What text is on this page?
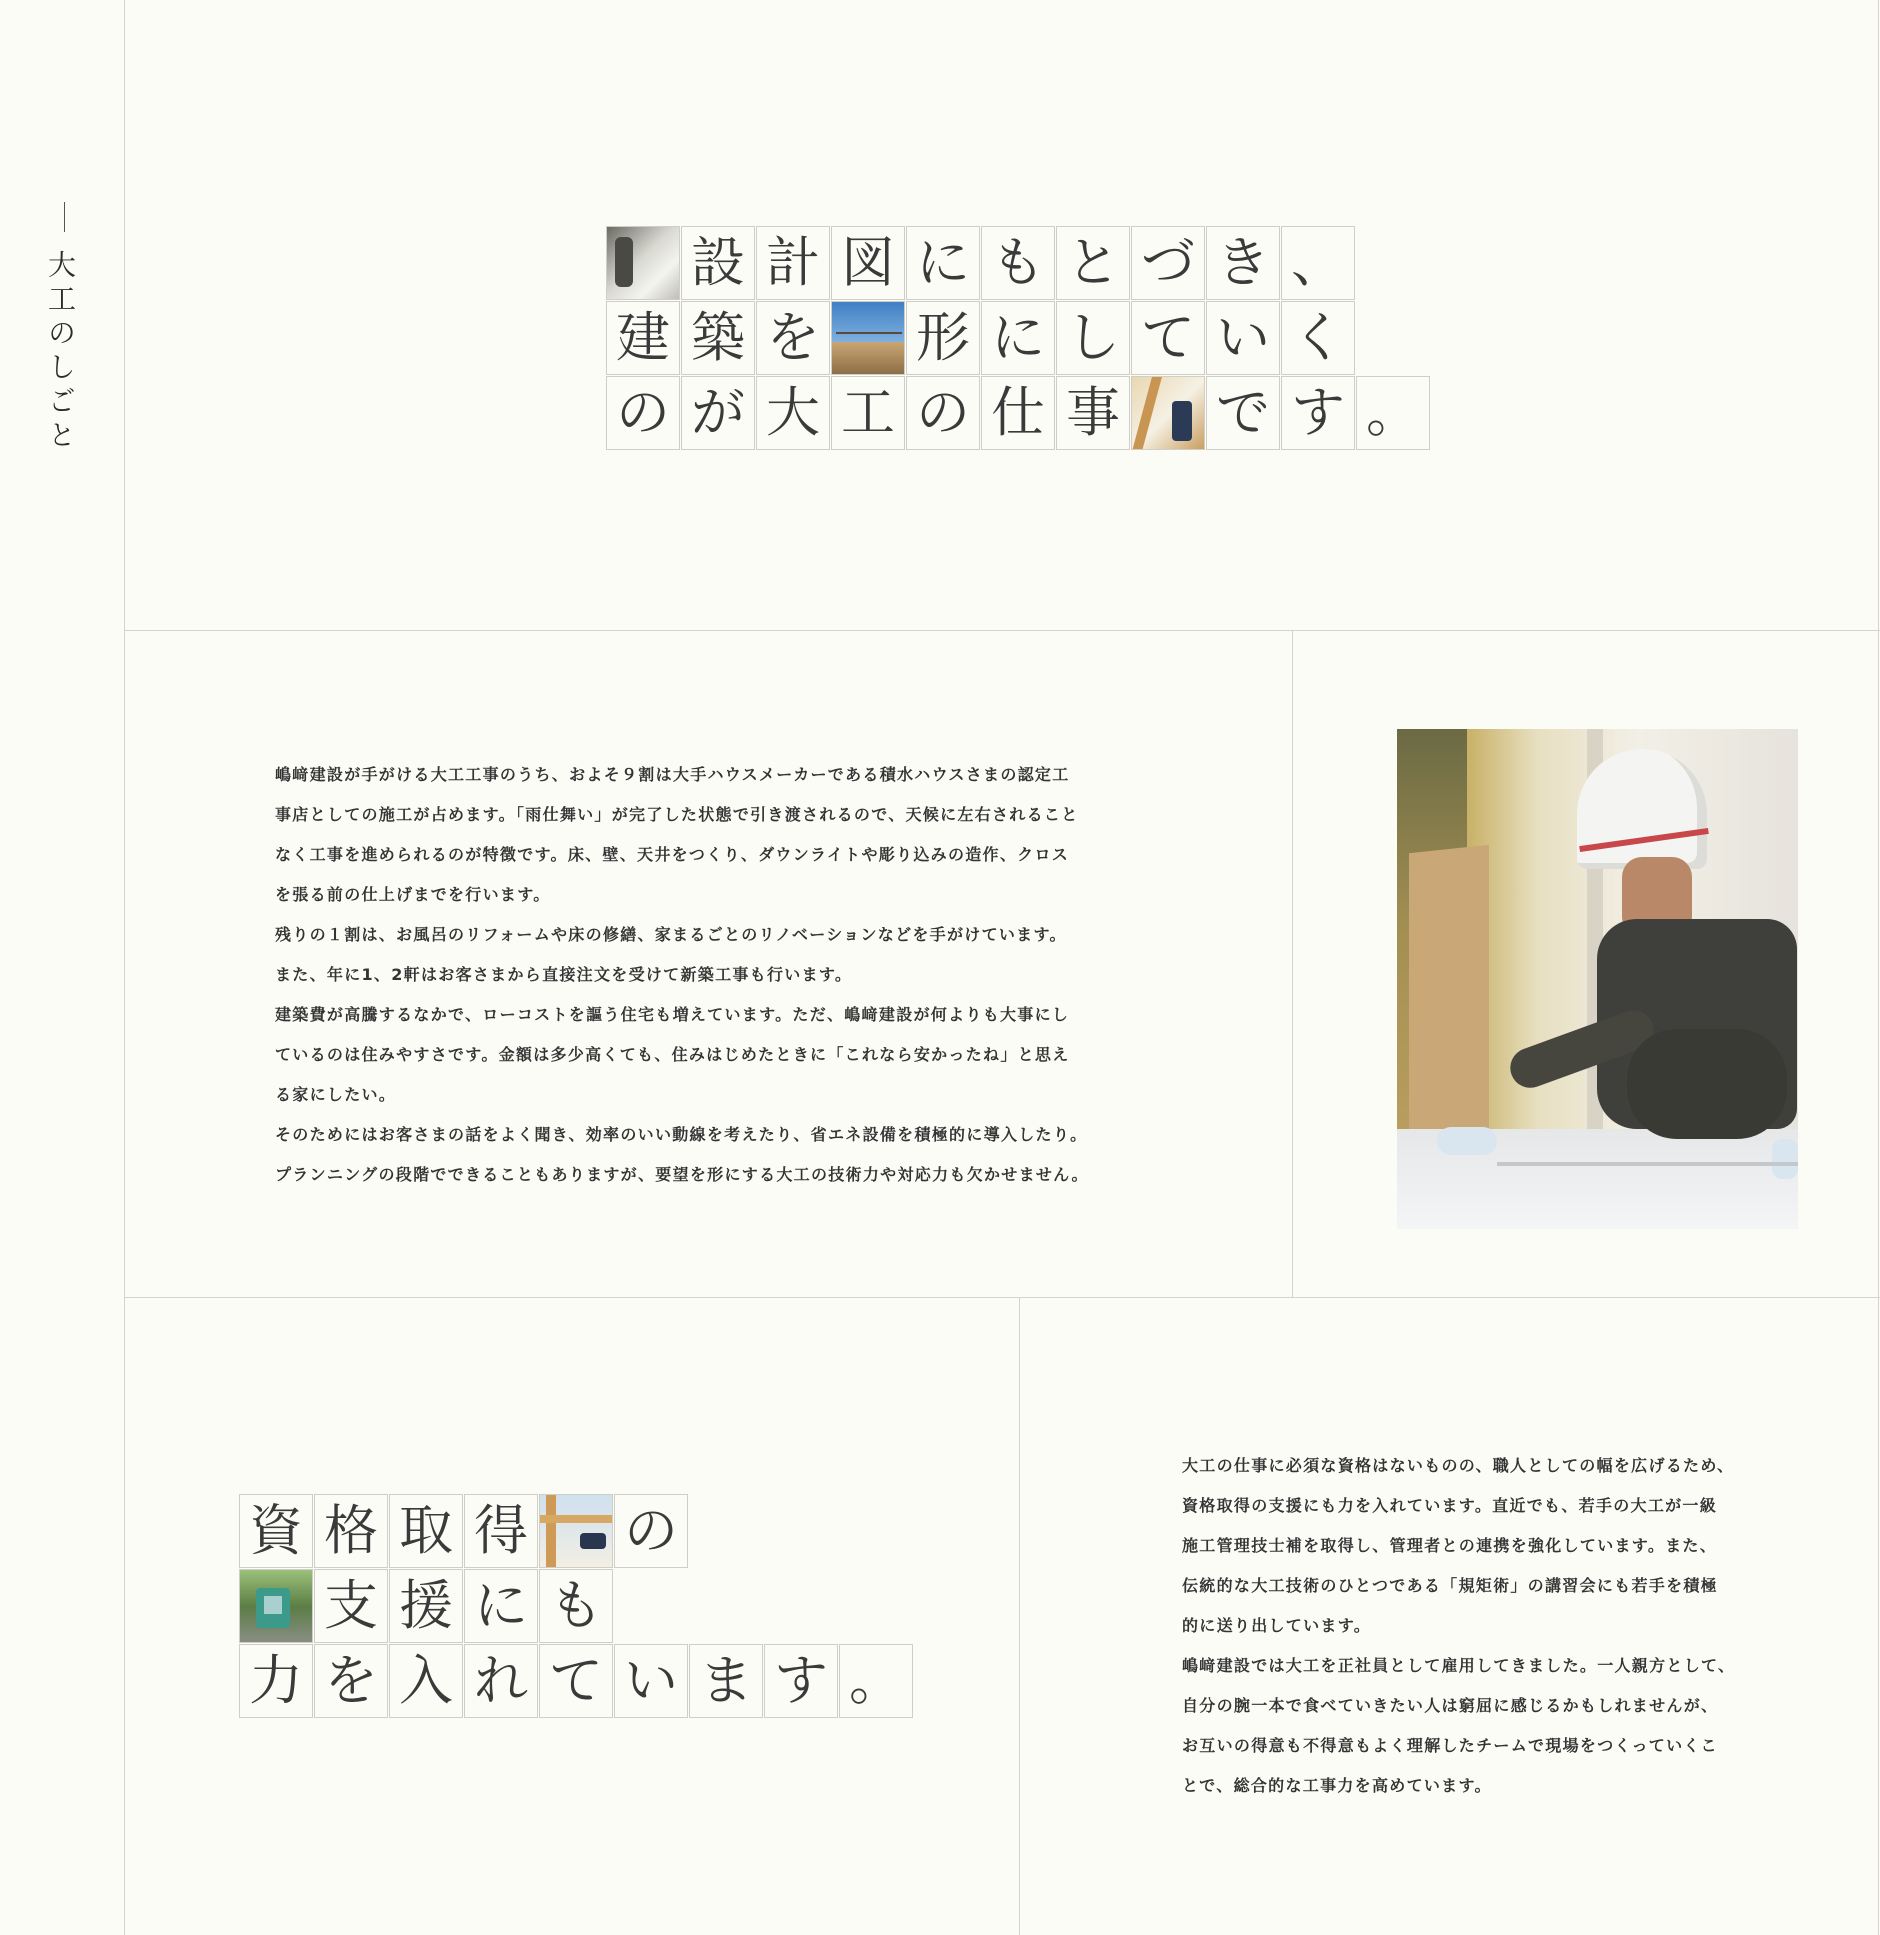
大工のしごと	設 計 図 に も と づ き 、
建 築 を 形 に し て い く
の が 大 工 の 仕 事 で す 。

嶋﨑建設が手がける大工工事のうち、およそ９割は大手ハウスメーカーである積水ハウスさまの認定工

事店としての施工が占めます。「雨仕舞い」が完了した状態で引き渡されるので、天候に左右されること

なく工事を進められるのが特徴です。床、壁、天井をつくり、ダウンライトや彫り込みの造作、クロス

を張る前の仕上げまでを行います。

残りの１割は、お風呂のリフォームや床の修繕、家まるごとのリノベーションなどを手がけています。

また、年に1、2軒はお客さまから直接注文を受けて新築工事も行います。

建築費が高騰するなかで、ローコストを謳う住宅も増えています。ただ、嶋﨑建設が何よりも大事にし

ているのは住みやすさです。金額は多少高くても、住みはじめたときに「これなら安かったね」と思え

る家にしたい。

そのためにはお客さまの話をよく聞き、効率のいい動線を考えたり、省エネ設備を積極的に導入したり。

プランニングの段階でできることもありますが、要望を形にする大工の技術力や対応力も欠かせません。

資 格 取 得 の
支 援 に も
力 を 入 れ て い ま す 。

大工の仕事に必須な資格はないものの、職人としての幅を広げるため、

資格取得の支援にも力を入れています。直近でも、若手の大工が一級

施工管理技士補を取得し、管理者との連携を強化しています。また、

伝統的な大工技術のひとつである「規矩術」の講習会にも若手を積極

的に送り出しています。

嶋﨑建設では大工を正社員として雇用してきました。一人親方として、

自分の腕一本で食べていきたい人は窮屈に感じるかもしれませんが、

お互いの得意も不得意もよく理解したチームで現場をつくっていくこ

とで、総合的な工事力を高めています。
